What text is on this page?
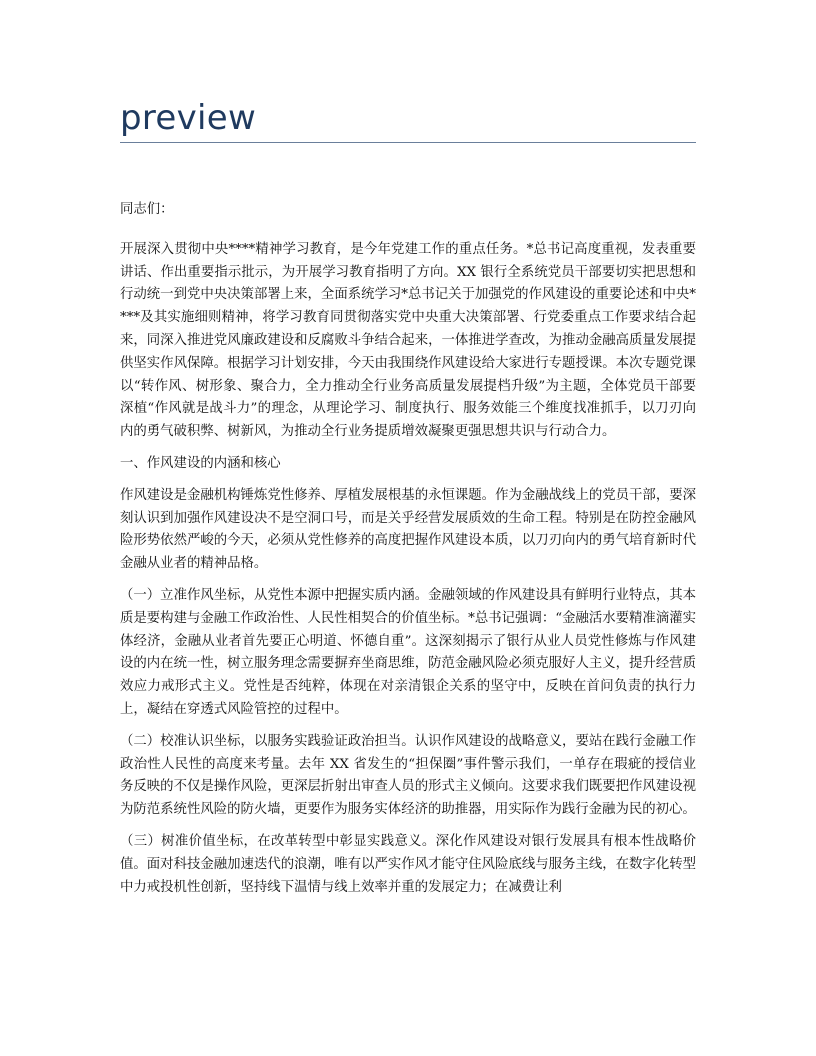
preview

同志们：

开展深入贯彻中央****精神学习教育，是今年党建工作的重点任务。*总书记高度重视，发表重要讲话、作出重要指示批示，为开展学习教育指明了方向。XX 银行全系统党员干部要切实把思想和行动统一到党中央决策部署上来，全面系统学习*总书记关于加强党的作风建设的重要论述和中央****及其实施细则精神，将学习教育同贯彻落实党中央重大决策部署、行党委重点工作要求结合起来，同深入推进党风廉政建设和反腐败斗争结合起来，一体推进学查改，为推动金融高质量发展提供坚实作风保障。根据学习计划安排，今天由我围绕作风建设给大家进行专题授课。本次专题党课以“转作风、树形象、聚合力，全力推动全行业务高质量发展提档升级”为主题，全体党员干部要深植“作风就是战斗力”的理念，从理论学习、制度执行、服务效能三个维度找准抓手，以刀刃向内的勇气破积弊、树新风，为推动全行业务提质增效凝聚更强思想共识与行动合力。

一、作风建设的内涵和核心

作风建设是金融机构锤炼党性修养、厚植发展根基的永恒课题。作为金融战线上的党员干部，要深刻认识到加强作风建设决不是空洞口号，而是关乎经营发展质效的生命工程。特别是在防控金融风险形势依然严峻的今天，必须从党性修养的高度把握作风建设本质，以刀刃向内的勇气培育新时代金融从业者的精神品格。

（一）立准作风坐标，从党性本源中把握实质内涵。金融领域的作风建设具有鲜明行业特点，其本质是要构建与金融工作政治性、人民性相契合的价值坐标。*总书记强调：“金融活水要精准滴灌实体经济，金融从业者首先要正心明道、怀德自重”。这深刻揭示了银行从业人员党性修炼与作风建设的内在统一性，树立服务理念需要摒弃坐商思维，防范金融风险必须克服好人主义，提升经营质效应力戒形式主义。党性是否纯粹，体现在对亲清银企关系的坚守中，反映在首问负责的执行力上，凝结在穿透式风险管控的过程中。

（二）校准认识坐标，以服务实践验证政治担当。认识作风建设的战略意义，要站在践行金融工作政治性人民性的高度来考量。去年 XX 省发生的“担保圈”事件警示我们，一单存在瑕疵的授信业务反映的不仅是操作风险，更深层折射出审查人员的形式主义倾向。这要求我们既要把作风建设视为防范系统性风险的防火墙，更要作为服务实体经济的助推器，用实际作为践行金融为民的初心。

（三）树准价值坐标，在改革转型中彰显实践意义。深化作风建设对银行发展具有根本性战略价值。面对科技金融加速迭代的浪潮，唯有以严实作风才能守住风险底线与服务主线，在数字化转型中力戒投机性创新，坚持线下温情与线上效率并重的发展定力；在减费让利
